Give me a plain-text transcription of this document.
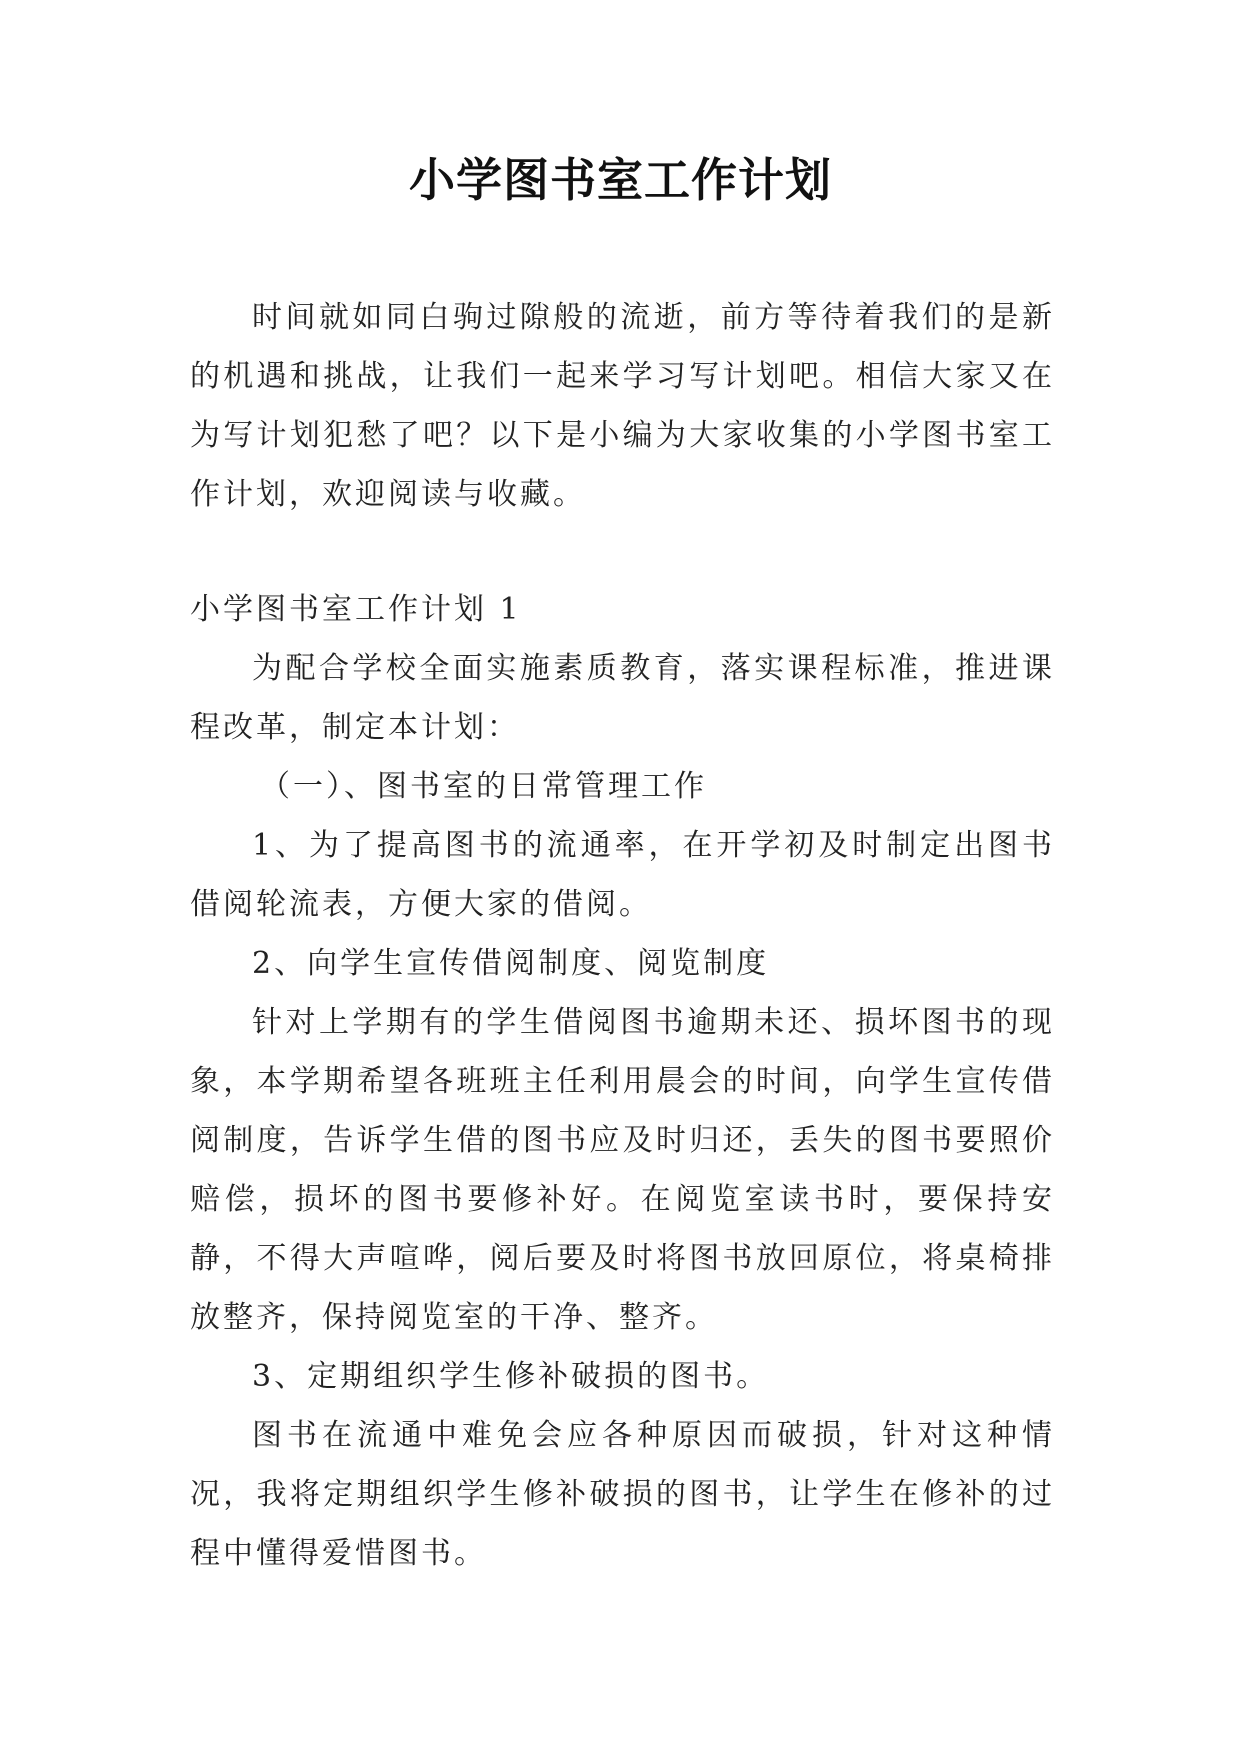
小学图书室工作计划

时间就如同白驹过隙般的流逝，前方等待着我们的是新的机遇和挑战，让我们一起来学习写计划吧。相信大家又在为写计划犯愁了吧？以下是小编为大家收集的小学图书室工作计划，欢迎阅读与收藏。

小学图书室工作计划 1

为配合学校全面实施素质教育，落实课程标准，推进课程改革，制定本计划：

（一）、图书室的日常管理工作

1、为了提高图书的流通率，在开学初及时制定出图书借阅轮流表，方便大家的借阅。

2、向学生宣传借阅制度、阅览制度

针对上学期有的学生借阅图书逾期未还、损坏图书的现象，本学期希望各班班主任利用晨会的时间，向学生宣传借阅制度，告诉学生借的图书应及时归还，丢失的图书要照价赔偿，损坏的图书要修补好。在阅览室读书时，要保持安静，不得大声喧哗，阅后要及时将图书放回原位，将桌椅排放整齐，保持阅览室的干净、整齐。

3、定期组织学生修补破损的图书。

图书在流通中难免会应各种原因而破损，针对这种情况，我将定期组织学生修补破损的图书，让学生在修补的过程中懂得爱惜图书。
